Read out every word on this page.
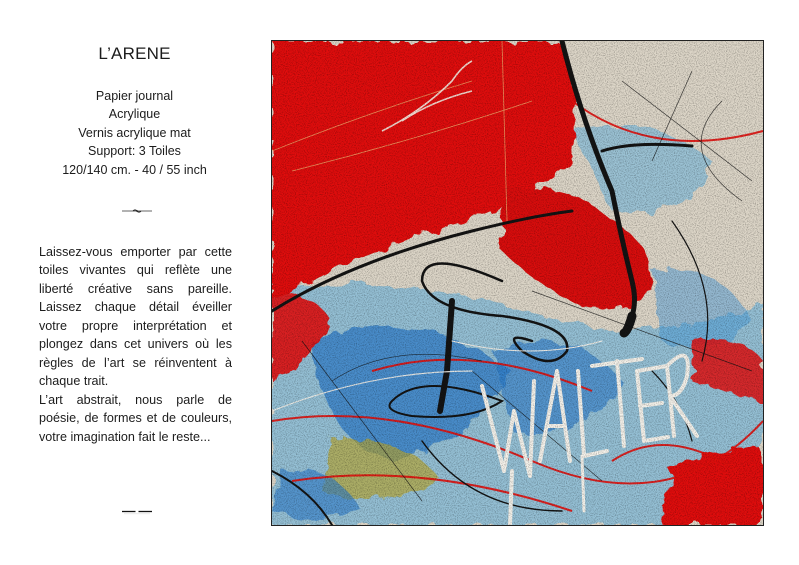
L’ARENE
Papier journal
Acrylique
Vernis acrylique mat
Support: 3 Toiles
120/140 cm. - 40 / 55 inch

Laissez-vous emporter par cette toiles vivantes qui reflète une liberté créative sans pareille. Laissez chaque détail éveiller votre propre interprétation et plongez dans cet univers où les règles de l’art se réinventent à chaque trait.

L’art abstrait, nous parle de poésie, de formes et de couleurs, votre imagination fait le reste...
